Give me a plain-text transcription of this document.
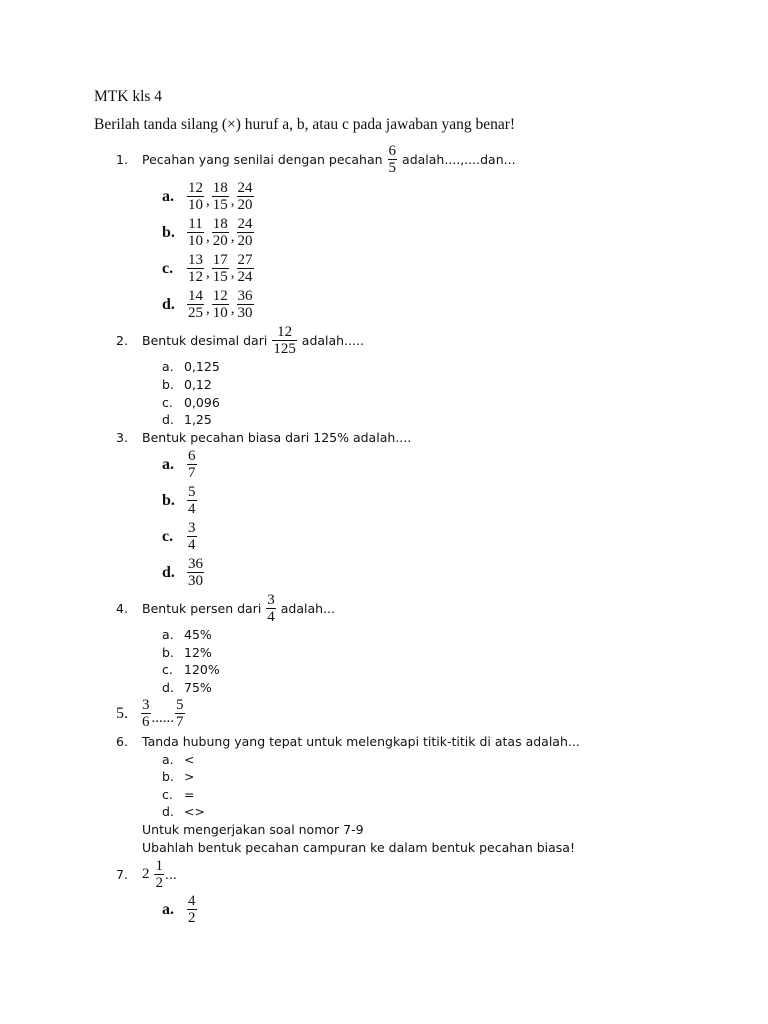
MTK kls 4
Berilah tanda silang (×) huruf a, b, atau c pada jawaban yang benar!
1.	Pecahan yang senilai dengan pecahan
$\frac{6}{5}$
adalah....,....dan...
a. $\frac{12}{10}$ , $\frac{18}{15}$ , $\frac{24}{20}$
b. $\frac{11}{10}$ , $\frac{18}{20}$ , $\frac{24}{20}$
c. $\frac{13}{12}$ , $\frac{17}{15}$ , $\frac{27}{24}$
d. $\frac{14}{25}$ , $\frac{12}{10}$ , $\frac{36}{30}$
2.	Bentuk desimal dari
$\frac{12}{125}$
adalah.....
a. 0,125
b. 0,12
c. 0,096
d. 1,25
3. Bentuk pecahan biasa dari 125% adalah....
a. $\frac{6}{7}$
b. $\frac{5}{4}$
c. $\frac{3}{4}$
d. $\frac{36}{30}$
4.	Bentuk persen dari
$\frac{3}{4}$
adalah...
a. 45%
b. 12%
c. 120%
d. 75%
5. $\frac{3}{6}$ ...... $\frac{5}{7}$
6. Tanda hubung yang tepat untuk melengkapi titik-titik di atas adalah...
a. <
b. >
c. =
d. <>
Untuk mengerjakan soal nomor 7-9
Ubahlah bentuk pecahan campuran ke dalam bentuk pecahan biasa!
7. 2
$\frac{1}{2}$ ...
a. $\frac{4}{2}$
